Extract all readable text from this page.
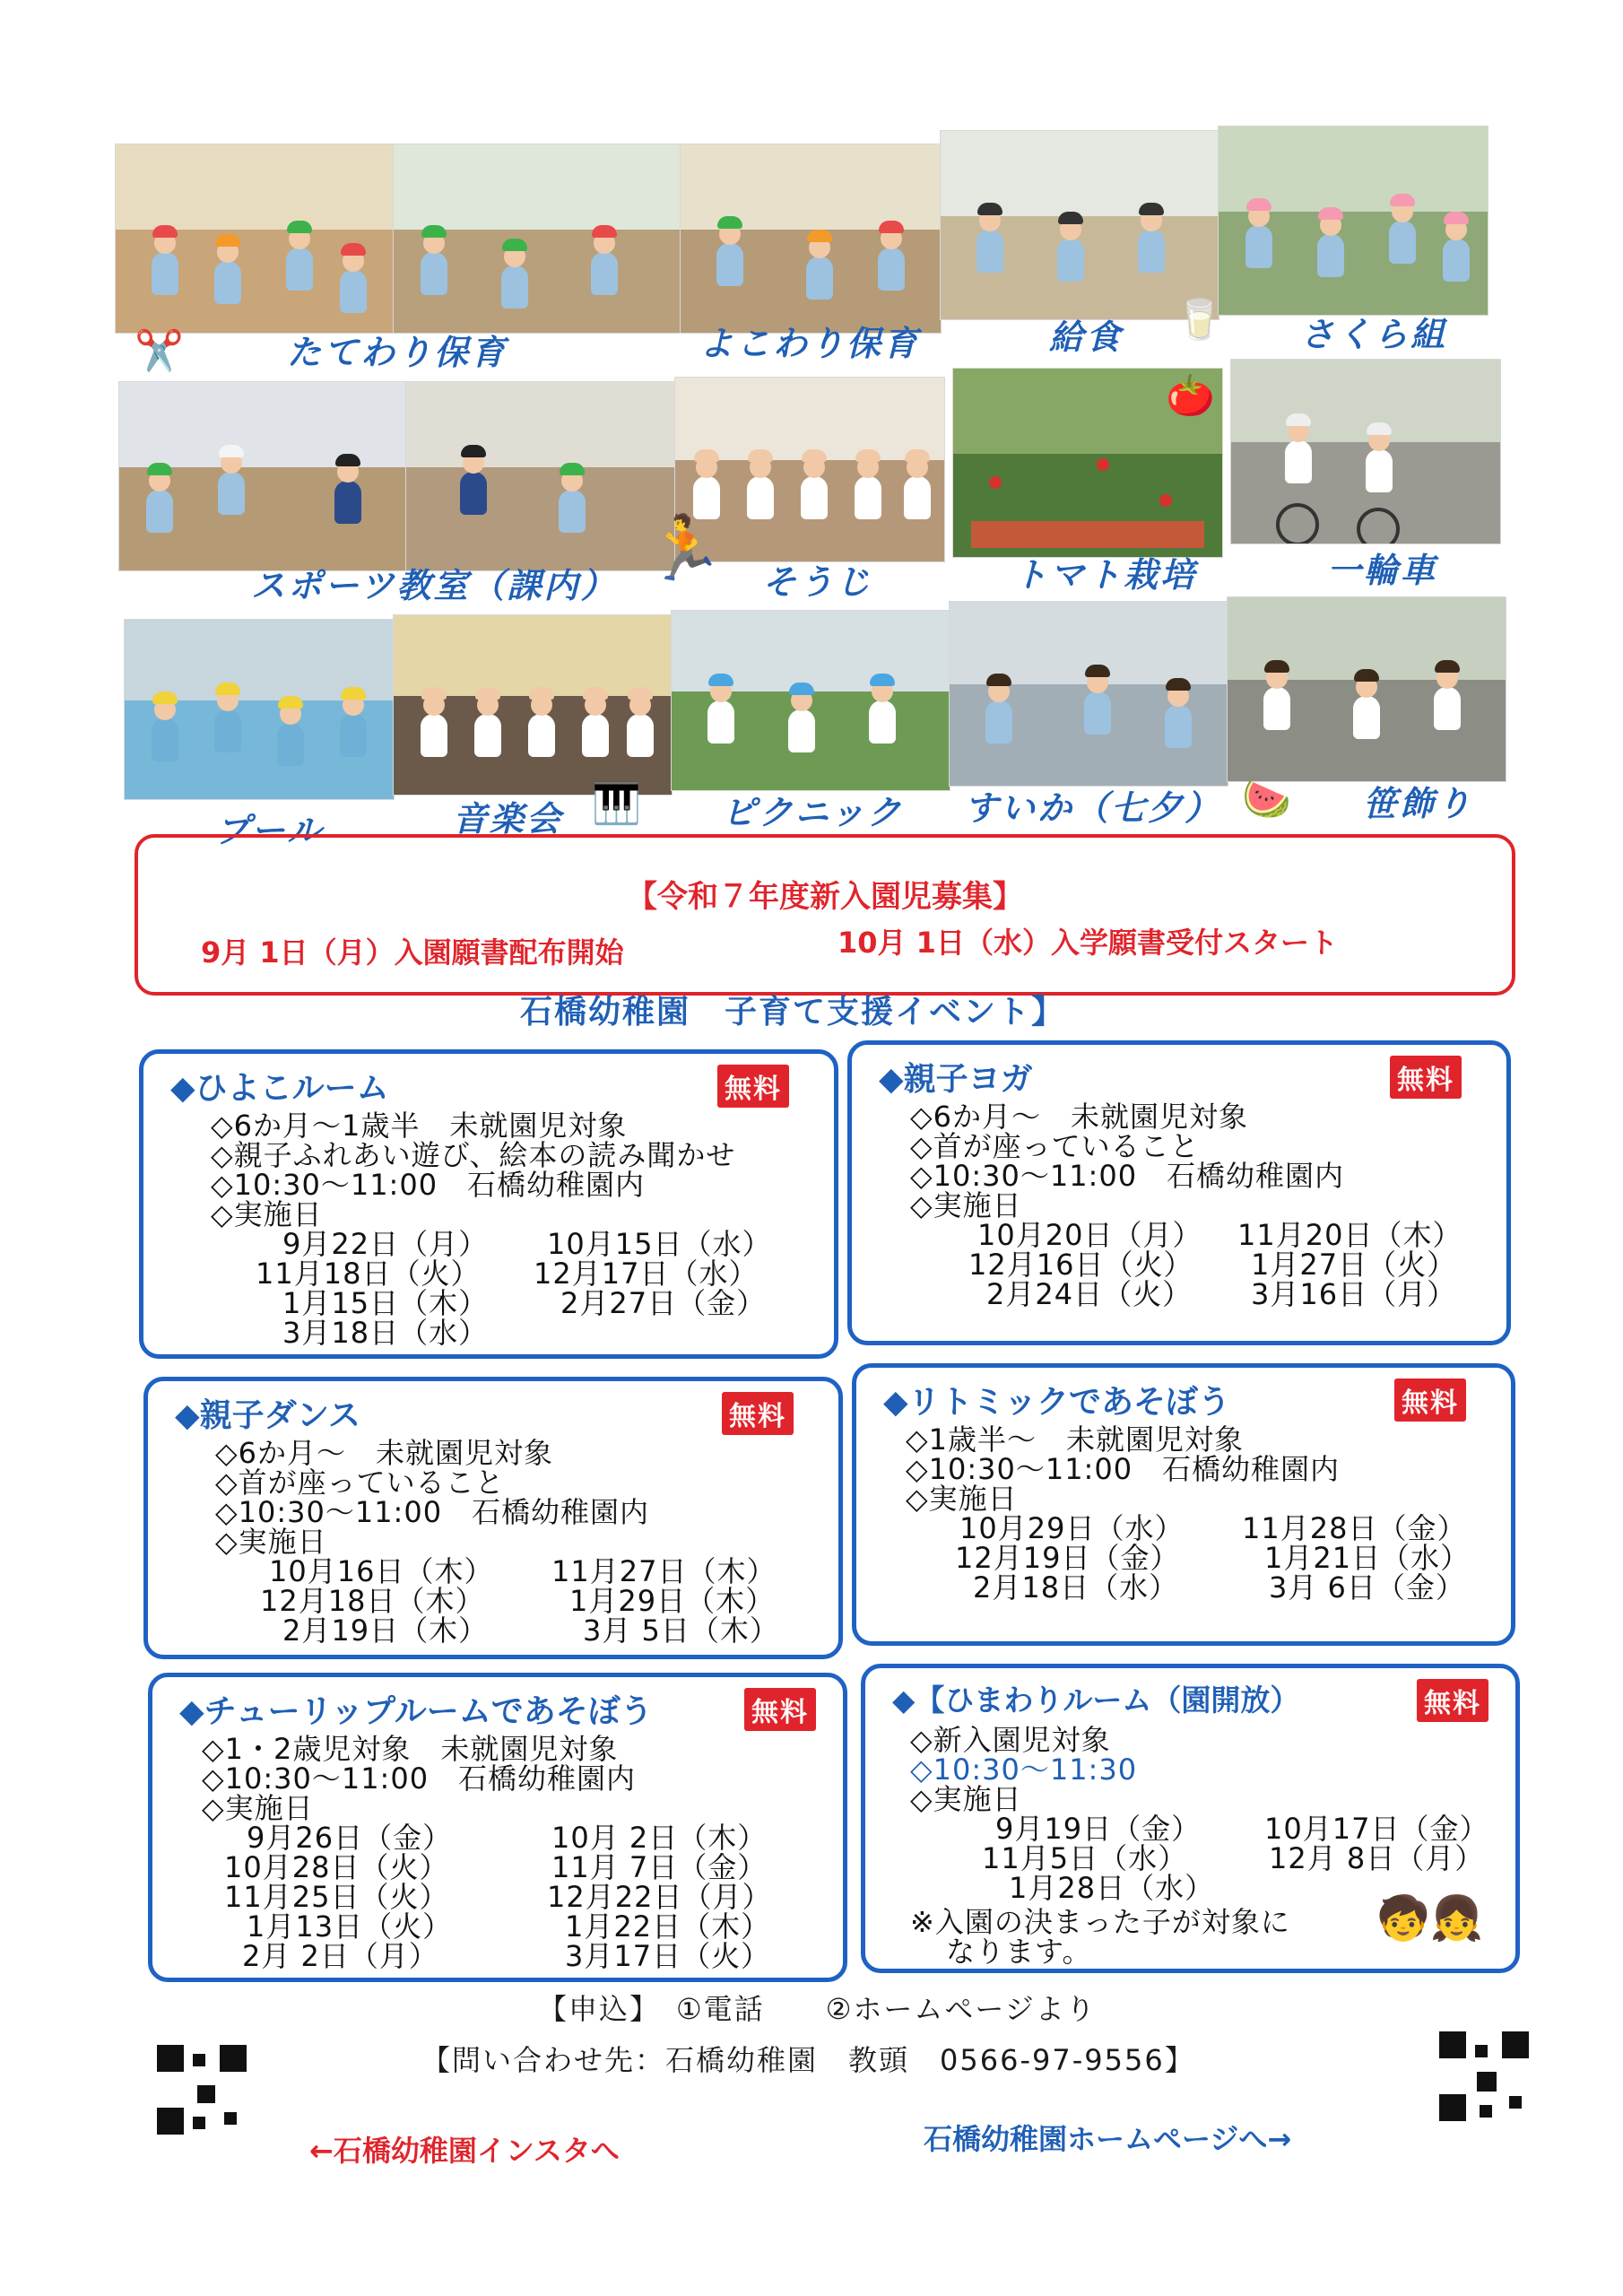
✂️	たてわり保育	よこわり保育	給食 🥛 さくら組
スポーツ教室（課内）
🏃 そうじ
🍅
トマト栽培	一輪車
プール	音楽会 🎹 ピクニック すいか（七夕） 🍉 笹飾り
【令和７年度新入園児募集】
9月 1日（月）入園願書配布開始	10月 1日（水）入学願書受付スタート
石橋幼稚園　子育て支援イベント】
◆ひよこルーム	無料
◇6か月～1歳半　未就園児対象
◇親子ふれあい遊び、絵本の読み聞かせ
◇10:30～11:00　石橋幼稚園内
◇実施日
9月22日（月） 10月15日（水）
11月18日（火） 12月17日（水）
1月15日（木）	2月27日（金）
3月18日（水）
◆親子ヨガ	無料
◇6か月～　未就園児対象
◇首が座っていること
◇10:30～11:00　石橋幼稚園内
◇実施日
10月20日（月） 11月20日（木）
12月16日（火） 1月27日（火）
2月24日（火） 3月16日（月）
◆親子ダンス	無料
◇6か月～　未就園児対象
◇首が座っていること
◇10:30～11:00　石橋幼稚園内
◇実施日
10月16日（木） 11月27日（木）
12月18日（木）	1月29日（木）
2月19日（木）	3月 5日（木）
◆リトミックであそぼう	無料
◇1歳半～　未就園児対象
◇10:30～11:00　石橋幼稚園内
◇実施日
10月29日（水） 11月28日（金）
12月19日（金）	1月21日（水）
2月18日（水）	3月 6日（金）
◆チューリップルームであそぼう	無料
◇1・2歳児対象　未就園児対象
◇10:30～11:00　石橋幼稚園内
◇実施日
9月26日（金）	10月 2日（木）
10月28日（火）	11月 7日（金）
11月25日（火）	12月22日（月）
1月13日（火）	1月22日（木）
2月 2日（月）	3月17日（火）
◆【ひまわりルーム（園開放）	無料
◇新入園児対象
◇10:30～11:30
◇実施日
9月19日（金） 10月17日（金）
11月5日（水）	12月 8日（月）
1月28日（水）
※入園の決まった子が対象に
なります。
🧒👧
【申込】　①電話　　②ホームページより
【問い合わせ先：石橋幼稚園　教頭　0566-97-9556】
←石橋幼稚園インスタへ	石橋幼稚園ホームページへ→
